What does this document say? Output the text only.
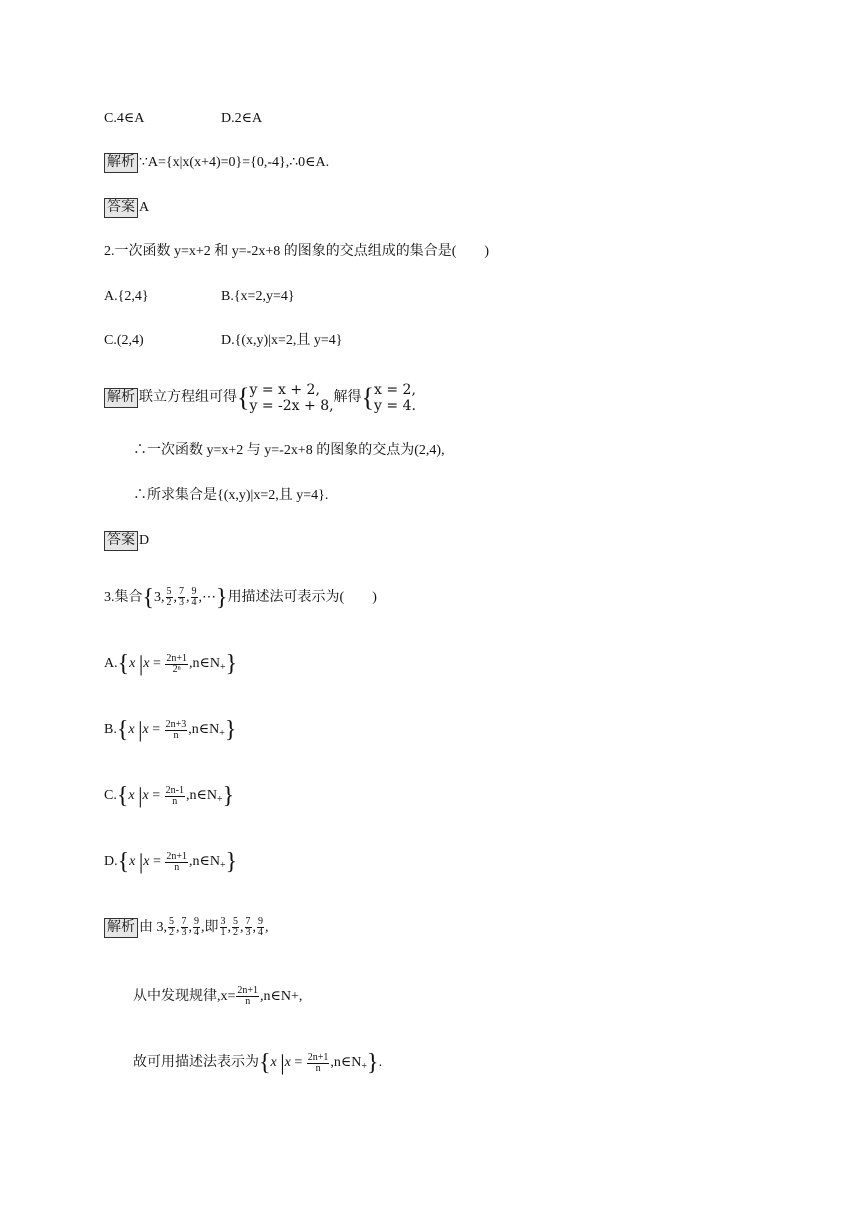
C.4∈A	D.2∈A
解析 ∵A={x|x(x+4)=0}={0,-4},∴0∈A.
答案 A
2.一次函数 y=x+2 和 y=-2x+8 的图象的交点组成的集合是(　　)
A.{2,4}	B.{x=2,y=4}
C.(2,4)	D.{(x,y)|x=2,且 y=4}
解析 联立方程组可得{ y = x + 2,
y = -2x + 8,
解得{ x = 2,
y = 4.
∴一次函数 y=x+2 与 y=-2x+8 的图象的交点为(2,4),
∴所求集合是{(x,y)|x=2,且 y=4}.
答案 D
3.集合{3, $\frac{5}{2}$ , $\frac{7}{3}$ , $\frac{9}{4}$ ,⋯}用描述法可表示为(　　)
A.{x $|x = \frac{2n+1}{\text{2ⁿ}}$ $,n\in N_+$}
B.{x $|x = \frac{2n+3}{n}$ $,n\in N_+$}
C.{x $|x = \frac{2n-1}{n}$ $,n\in N_+$}
D.{x $|x = \frac{2n+1}{n}$ $,n\in N_+$}
解析 由 3, $\frac{5}{2}$ , $\frac{7}{3}$ , $\frac{9}{4}$ ,即 $\frac{3}{1}$ , $\frac{5}{2}$ , $\frac{7}{3}$ , $\frac{9}{4}$ ,
从中发现规律$,x= \frac{2n+1}{n}$ ,n∈N+,
故可用描述法表示为{x $|x = \frac{2n+1}{n}$ $,n\in N_+$}.
